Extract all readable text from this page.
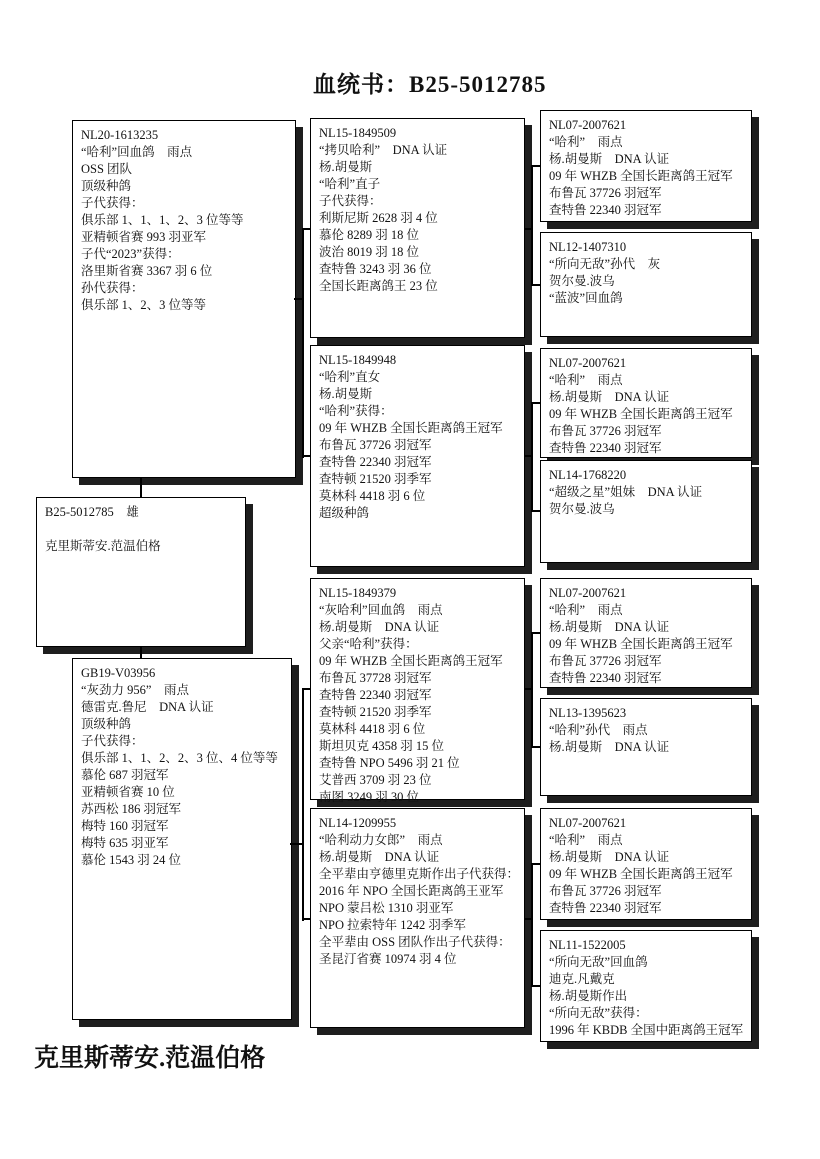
血统书：B25-5012785
NL20-1613235
“哈利”回血鸽　雨点
OSS 团队
顶级种鸽
子代获得：
俱乐部 1、1、1、2、3 位等等
亚精顿省赛 993 羽亚军
子代“2023”获得：
洛里斯省赛 3367 羽 6 位
孙代获得：
俱乐部 1、2、3 位等等
B25-5012785　雄

克里斯蒂安.范温伯格
GB19-V03956
“灰劲力 956”　雨点
德雷克.鲁尼　DNA 认证
顶级种鸽
子代获得：
俱乐部 1、1、2、2、3 位、4 位等等
慕伦 687 羽冠军
亚精顿省赛 10 位
苏西松 186 羽冠军
梅特 160 羽冠军
梅特 635 羽亚军
慕伦 1543 羽 24 位
NL15-1849509
“拷贝哈利”　DNA 认证
杨.胡曼斯
“哈利”直子
子代获得：
利斯尼斯 2628 羽 4 位
慕伦 8289 羽 18 位
波治 8019 羽 18 位
查特鲁 3243 羽 36 位
全国长距离鸽王 23 位
NL15-1849948
“哈利”直女
杨.胡曼斯
“哈利”获得：
09 年 WHZB 全国长距离鸽王冠军
布鲁瓦 37726 羽冠军
查特鲁 22340 羽冠军
查特顿 21520 羽季军
莫林科 4418 羽 6 位
超级种鸽
NL15-1849379
“灰哈利”回血鸽　雨点
杨.胡曼斯　DNA 认证
父亲“哈利”获得：
09 年 WHZB 全国长距离鸽王冠军
布鲁瓦 37728 羽冠军
查特鲁 22340 羽冠军
查特顿 21520 羽季军
莫林科 4418 羽 6 位
斯坦贝克 4358 羽 15 位
查特鲁 NPO 5496 羽 21 位
艾普西 3709 羽 23 位
南图 3249 羽 30 位
NL14-1209955
“哈利动力女郎”　雨点
杨.胡曼斯　DNA 认证
全平辈由亨德里克斯作出子代获得：
2016 年 NPO 全国长距离鸽王亚军
NPO 蒙吕松 1310 羽亚军
NPO 拉索特年 1242 羽季军
全平辈由 OSS 团队作出子代获得：
圣昆汀省赛 10974 羽 4 位
NL07-2007621
“哈利”　雨点
杨.胡曼斯　DNA 认证
09 年 WHZB 全国长距离鸽王冠军
布鲁瓦 37726 羽冠军
查特鲁 22340 羽冠军
NL12-1407310
“所向无敌”孙代　灰
贺尔曼.波乌
“蓝波”回血鸽
NL07-2007621
“哈利”　雨点
杨.胡曼斯　DNA 认证
09 年 WHZB 全国长距离鸽王冠军
布鲁瓦 37726 羽冠军
查特鲁 22340 羽冠军
NL14-1768220
“超级之星”姐妹　DNA 认证
贺尔曼.波乌
NL07-2007621
“哈利”　雨点
杨.胡曼斯　DNA 认证
09 年 WHZB 全国长距离鸽王冠军
布鲁瓦 37726 羽冠军
查特鲁 22340 羽冠军
NL13-1395623
“哈利”孙代　雨点
杨.胡曼斯　DNA 认证
NL07-2007621
“哈利”　雨点
杨.胡曼斯　DNA 认证
09 年 WHZB 全国长距离鸽王冠军
布鲁瓦 37726 羽冠军
查特鲁 22340 羽冠军
NL11-1522005
“所向无敌”回血鸽
迪克.凡戴克
杨.胡曼斯作出
“所向无敌”获得：
1996 年 KBDB 全国中距离鸽王冠军
克里斯蒂安.范温伯格
